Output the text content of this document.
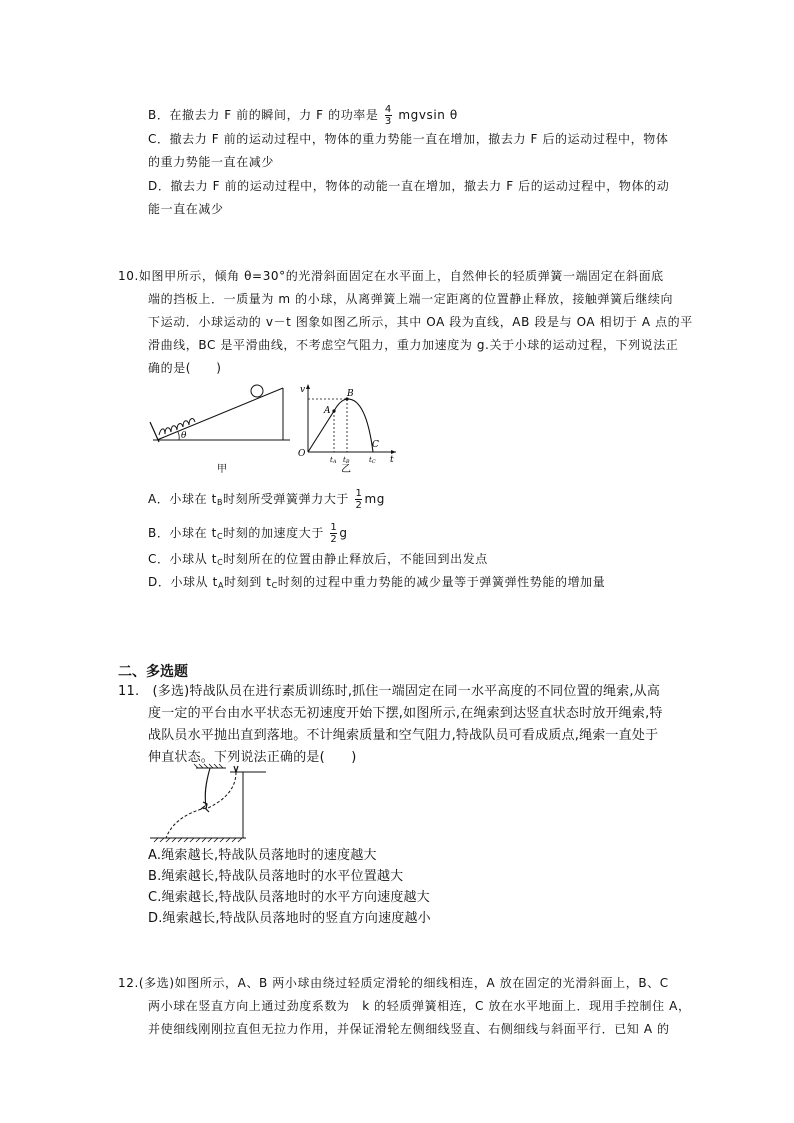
B．在撤去力 F 前的瞬间，力 F 的功率是 $\frac{4}{3}$ mgvsin θ
C．撤去力 F 前的运动过程中，物体的重力势能一直在增加，撤去力 F 后的运动过程中，物体
的重力势能一直在减少
D．撤去力 F 前的运动过程中，物体的动能一直在增加，撤去力 F 后的运动过程中，物体的动
能一直在减少
10.如图甲所示，倾角 θ=30°的光滑斜面固定在水平面上，自然伸长的轻质弹簧一端固定在斜面底
端的挡板上．一质量为 m 的小球，从离弹簧上端一定距离的位置静止释放，接触弹簧后继续向
下运动．小球运动的 v－t 图象如图乙所示，其中 OA 段为直线，AB 段是与 OA 相切于 A 点的平
滑曲线，BC 是平滑曲线，不考虑空气阻力，重力加速度为 g.关于小球的运动过程，下列说法正
确的是(　　)
θ
甲
v
O
t
A
B
C
tA tB	tC
乙
A．小球在 $t_B$时刻所受弹簧弹力大于 $\frac{1}{2}$ mg
B．小球在 $t_C$时刻的加速度大于 $\frac{1}{2}$ g
C．小球从 $t_C$时刻所在的位置由静止释放后，不能回到出发点
D．小球从 $t_A$时刻到 $t_C$时刻的过程中重力势能的减少量等于弹簧弹性势能的增加量
二、多选题
11.　(多选)特战队员在进行素质训练时,抓住一端固定在同一水平高度的不同位置的绳索,从高
度一定的平台由水平状态无初速度开始下摆,如图所示,在绳索到达竖直状态时放开绳索,特
战队员水平抛出直到落地。不计绳索质量和空气阻力,特战队员可看成质点,绳索一直处于
伸直状态。下列说法正确的是(　　)
A.绳索越长,特战队员落地时的速度越大
B.绳索越长,特战队员落地时的水平位置越大
C.绳索越长,特战队员落地时的水平方向速度越大
D.绳索越长,特战队员落地时的竖直方向速度越小
12.(多选)如图所示，A、B 两小球由绕过轻质定滑轮的细线相连，A 放在固定的光滑斜面上，B、C
两小球在竖直方向上通过劲度系数为　k 的轻质弹簧相连，C 放在水平地面上．现用手控制住 A，
并使细线刚刚拉直但无拉力作用，并保证滑轮左侧细线竖直、右侧细线与斜面平行．已知 A 的
